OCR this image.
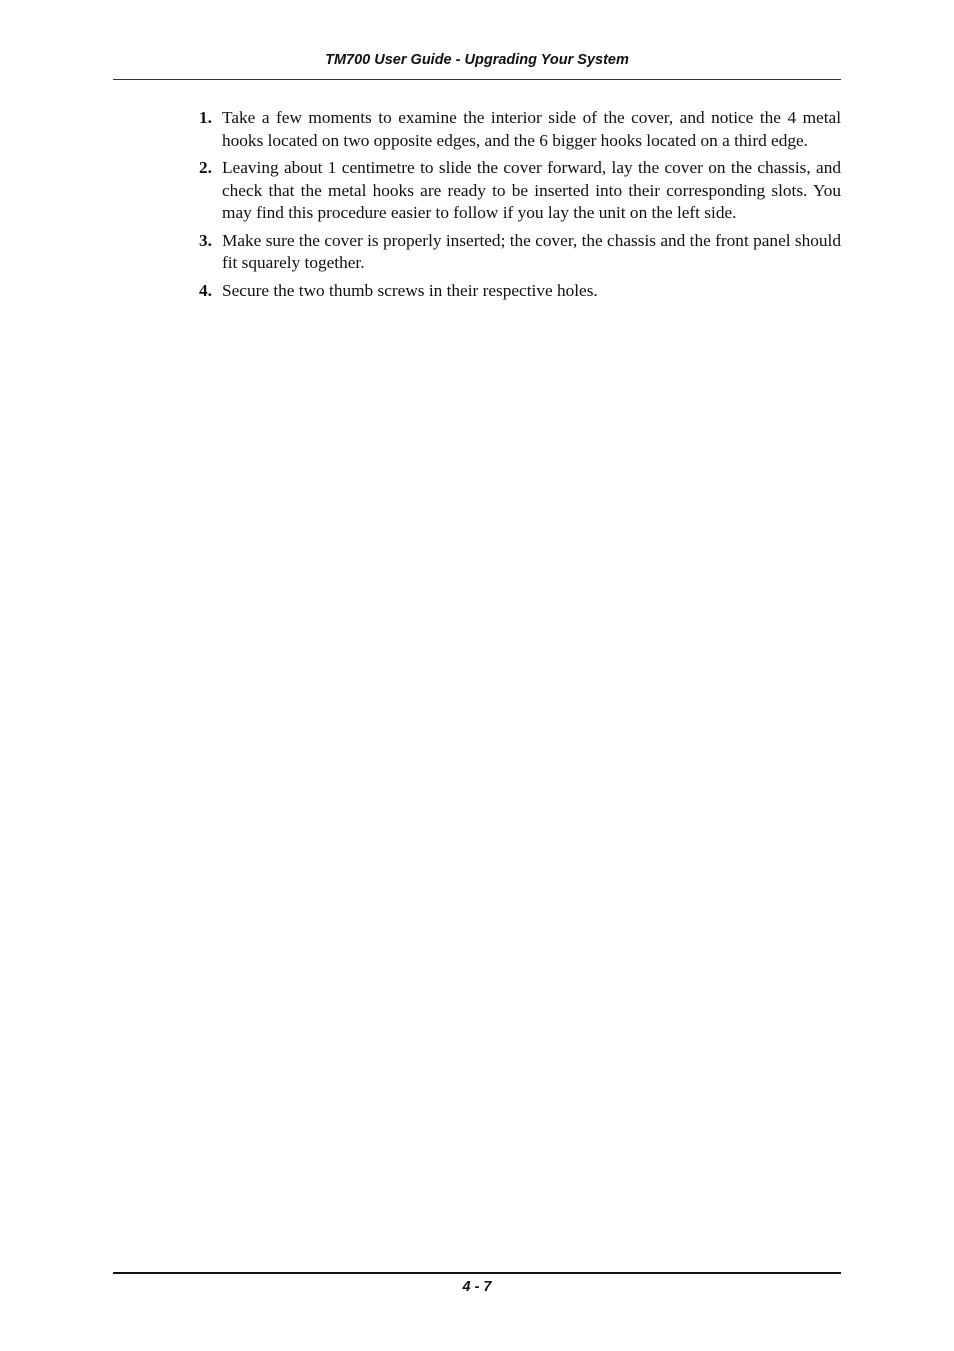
TM700 User Guide - Upgrading Your System
1. Take a few moments to examine the interior side of the cover, and notice the 4 metal hooks located on two opposite edges, and the 6 bigger hooks located on a third edge.
2. Leaving about 1 centimetre to slide the cover forward, lay the cover on the chassis, and check that the metal hooks are ready to be inserted into their corresponding slots. You may find this procedure easier to follow if you lay the unit on the left side.
3. Make sure the cover is properly inserted; the cover, the chassis and the front panel should fit squarely together.
4. Secure the two thumb screws in their respective holes.
4 - 7
